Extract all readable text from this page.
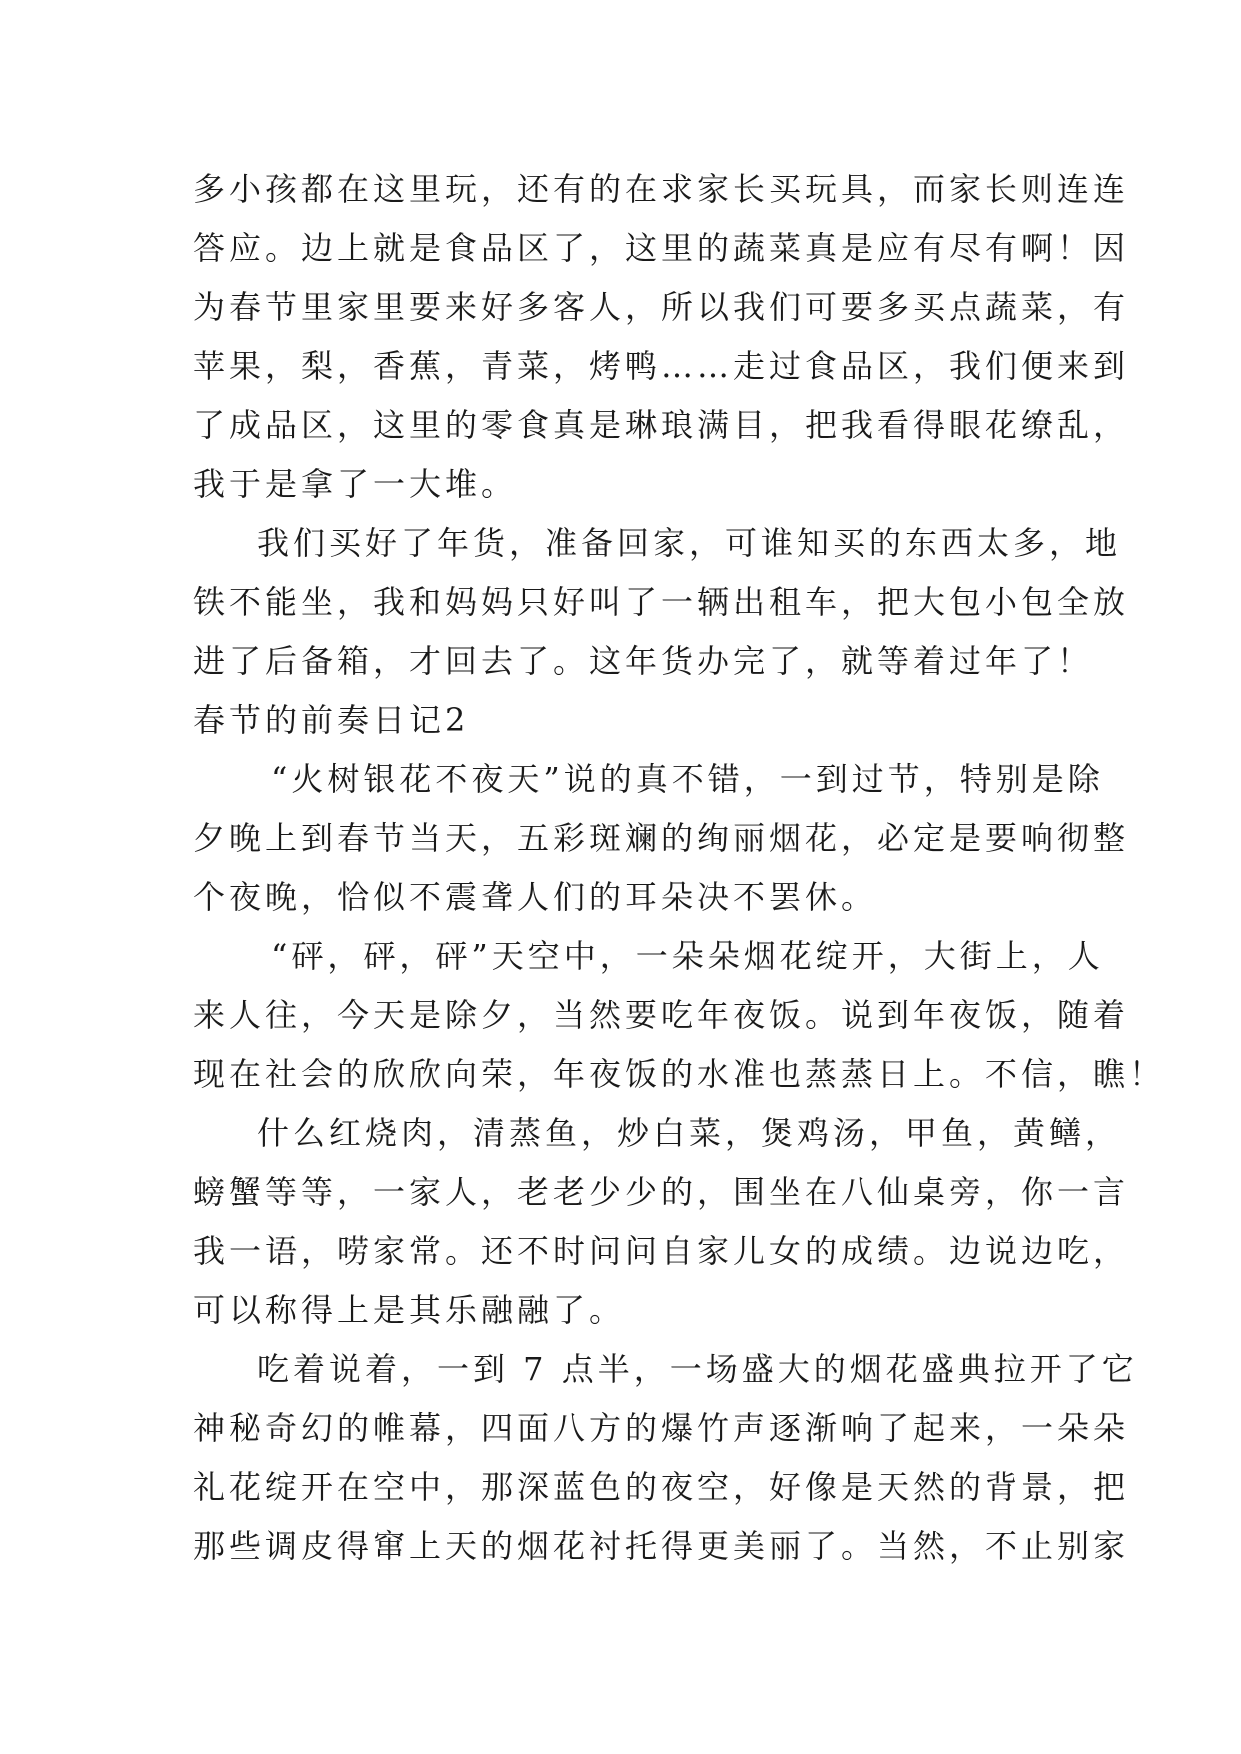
多小孩都在这里玩，还有的在求家长买玩具，而家长则连连
答应。边上就是食品区了，这里的蔬菜真是应有尽有啊！因
为春节里家里要来好多客人，所以我们可要多买点蔬菜，有
苹果，梨，香蕉，青菜，烤鸭……走过食品区，我们便来到
了成品区，这里的零食真是琳琅满目，把我看得眼花缭乱，
我于是拿了一大堆。
我们买好了年货，准备回家，可谁知买的东西太多，地
铁不能坐，我和妈妈只好叫了一辆出租车，把大包小包全放
进了后备箱，才回去了。这年货办完了，就等着过年了！
春节的前奏日记2
“火树银花不夜天”说的真不错，一到过节，特别是除
夕晚上到春节当天，五彩斑斓的绚丽烟花，必定是要响彻整
个夜晚，恰似不震聋人们的耳朵决不罢休。
“砰，砰，砰”天空中，一朵朵烟花绽开，大街上，人
来人往，今天是除夕，当然要吃年夜饭。说到年夜饭，随着
现在社会的欣欣向荣，年夜饭的水准也蒸蒸日上。不信，瞧！
什么红烧肉，清蒸鱼，炒白菜，煲鸡汤，甲鱼，黄鳝，
螃蟹等等，一家人，老老少少的，围坐在八仙桌旁，你一言
我一语，唠家常。还不时问问自家儿女的成绩。边说边吃，
可以称得上是其乐融融了。
吃着说着，一到 7 点半，一场盛大的烟花盛典拉开了它
神秘奇幻的帷幕，四面八方的爆竹声逐渐响了起来，一朵朵
礼花绽开在空中，那深蓝色的夜空，好像是天然的背景，把
那些调皮得窜上天的烟花衬托得更美丽了。当然，不止别家
